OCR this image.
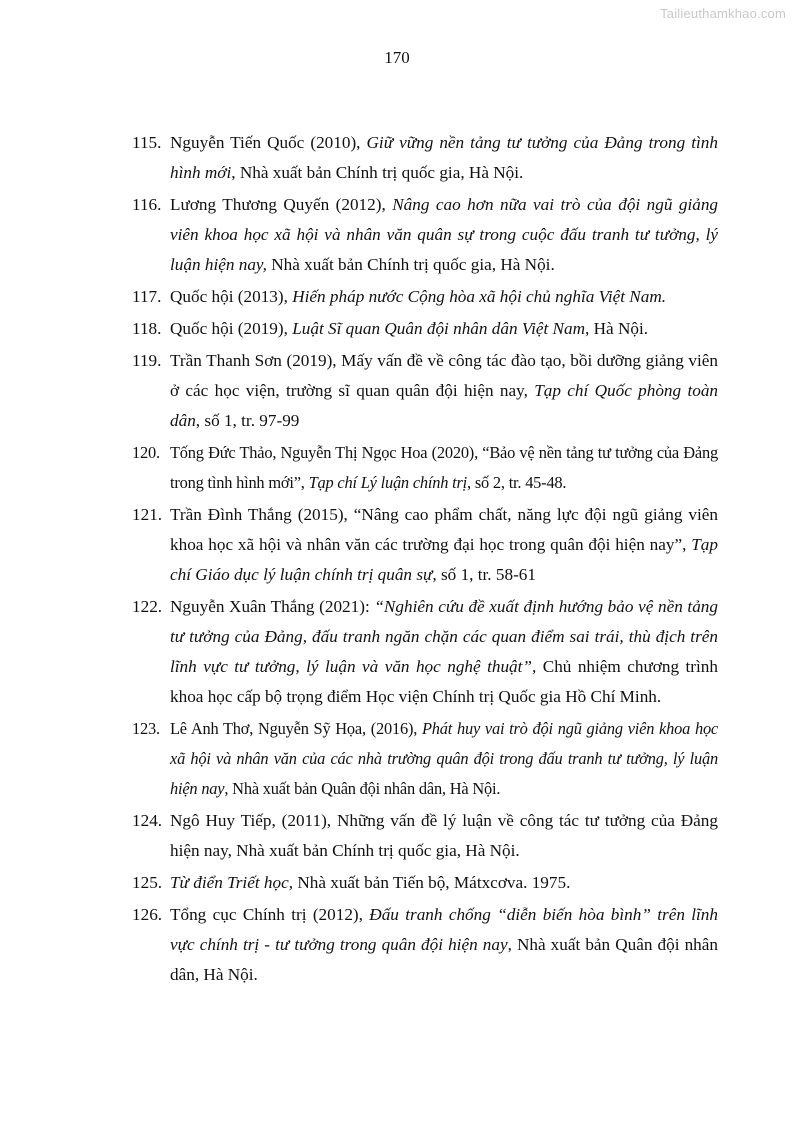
Tailieuthamkhao.com
170
115. Nguyễn Tiến Quốc (2010), Giữ vững nền tảng tư tưởng của Đảng trong tình hình mới, Nhà xuất bản Chính trị quốc gia, Hà Nội.
116. Lương Thương Quyến (2012), Nâng cao hơn nữa vai trò của đội ngũ giảng viên khoa học xã hội và nhân văn quân sự trong cuộc đấu tranh tư tưởng, lý luận hiện nay, Nhà xuất bản Chính trị quốc gia, Hà Nội.
117. Quốc hội (2013), Hiến pháp nước Cộng hòa xã hội chủ nghĩa Việt Nam.
118. Quốc hội (2019), Luật Sĩ quan Quân đội nhân dân Việt Nam, Hà Nội.
119. Trần Thanh Sơn (2019), Mấy vấn đề về công tác đào tạo, bồi dưỡng giảng viên ở các học viện, trường sĩ quan quân đội hiện nay, Tạp chí Quốc phòng toàn dân, số 1, tr. 97-99
120. Tống Đức Thảo, Nguyễn Thị Ngọc Hoa (2020), “Bảo vệ nền tảng tư tưởng của Đảng trong tình hình mới”, Tạp chí Lý luận chính trị, số 2, tr. 45-48.
121. Trần Đình Thắng (2015), “Nâng cao phẩm chất, năng lực đội ngũ giảng viên khoa học xã hội và nhân văn các trường đại học trong quân đội hiện nay”, Tạp chí Giáo dục lý luận chính trị quân sự, số 1, tr. 58-61
122. Nguyễn Xuân Thắng (2021): “Nghiên cứu đề xuất định hướng bảo vệ nền tảng tư tưởng của Đảng, đấu tranh ngăn chặn các quan điểm sai trái, thù địch trên lĩnh vực tư tưởng, lý luận và văn học nghệ thuật”, Chủ nhiệm chương trình khoa học cấp bộ trọng điểm Học viện Chính trị Quốc gia Hồ Chí Minh.
123. Lê Anh Thơ, Nguyễn Sỹ Họa, (2016), Phát huy vai trò đội ngũ giảng viên khoa học xã hội và nhân văn của các nhà trường quân đội trong đấu tranh tư tưởng, lý luận hiện nay, Nhà xuất bản Quân đội nhân dân, Hà Nội.
124. Ngô Huy Tiếp, (2011), Những vấn đề lý luận về công tác tư tưởng của Đảng hiện nay, Nhà xuất bản Chính trị quốc gia, Hà Nội.
125. Từ điển Triết học, Nhà xuất bản Tiến bộ, Mátxcơva. 1975.
126. Tổng cục Chính trị (2012), Đấu tranh chống “diễn biến hòa bình” trên lĩnh vực chính trị - tư tưởng trong quân đội hiện nay, Nhà xuất bản Quân đội nhân dân, Hà Nội.
